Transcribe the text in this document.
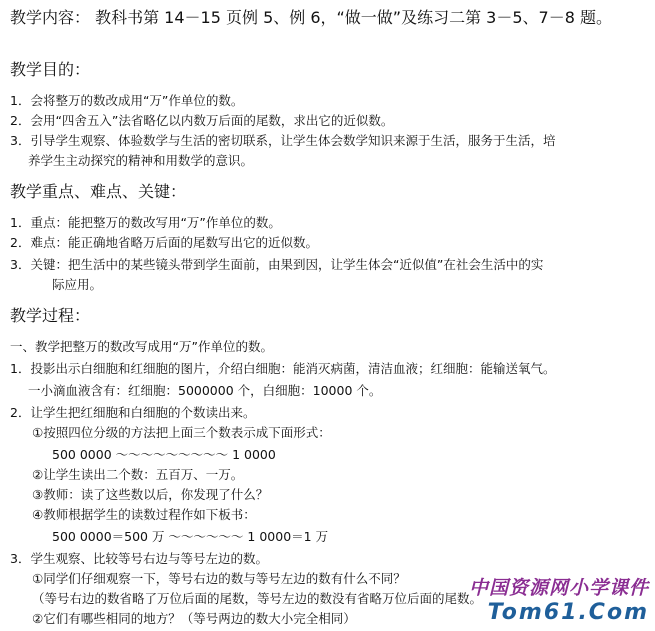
教学内容： 教科书第 14－15 页例 5、例 6，“做一做”及练习二第 3－5、7－8 题。
教学目的：
1．会将整万的数改成用“万”作单位的数。
2．会用“四舍五入”法省略亿以内数万后面的尾数，求出它的近似数。
3．引导学生观察、体验数学与生活的密切联系，让学生体会数学知识来源于生活，服务于生活，培
养学生主动探究的精神和用数学的意识。
教学重点、难点、关键：
1．重点：能把整万的数改写用“万”作单位的数。
2．难点：能正确地省略万后面的尾数写出它的近似数。
3．关键：把生活中的某些镜头带到学生面前，由果到因，让学生体会“近似值”在社会生活中的实
际应用。
教学过程：
一、教学把整万的数改写成用“万”作单位的数。
1．投影出示白细胞和红细胞的图片，介绍白细胞：能消灭病菌，清洁血液；红细胞：能输送氧气。
一小滴血液含有：红细胞：5000000 个，白细胞：10000 个。
2．让学生把红细胞和白细胞的个数读出来。
①按照四位分级的方法把上面三个数表示成下面形式：
500 0000 ～～～～～～～～～ 1 0000
②让学生读出二个数：五百万、一万。
③教师：读了这些数以后，你发现了什么？
④教师根据学生的读数过程作如下板书：
500 0000＝500 万 ～～～～～～ 1 0000＝1 万
3．学生观察、比较等号右边与等号左边的数。
①同学们仔细观察一下，等号右边的数与等号左边的数有什么不同？
（等号右边的数省略了万位后面的尾数，等号左边的数没有省略万位后面的尾数。
②它们有哪些相同的地方？（等号两边的数大小完全相同）
中国资源网小学课件
Tom61.Com
